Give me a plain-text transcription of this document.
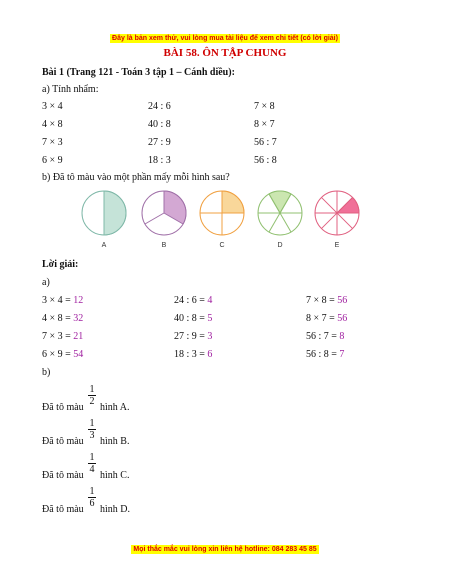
Đây là bản xem thử, vui lòng mua tài liệu để xem chi tiết (có lời giải)
BÀI 58. ÔN TẬP CHUNG
Bài 1 (Trang 121 - Toán 3 tập 1 – Cánh diều):
a) Tính nhẩm:
3 × 4	24 : 6	7 × 8
4 × 8	40 : 8	8 × 7
7 × 3	27 : 9	56 : 7
6 × 9	18 : 3	56 : 8
b) Đã tô màu vào một phần mấy mỗi hình sau?
A	B	C	D	E
Lời giải:
a)
3 × 4 = 12	24 : 6 = 4	7 × 8 = 56
4 × 8 = 32	40 : 8 = 5	8 × 7 = 56
7 × 3 = 21	27 : 9 = 3	56 : 7 = 8
6 × 9 = 54	18 : 3 = 6	56 : 8 = 7
b)
Đã tô màu
1
2
hình A.
Đã tô màu
1
3
hình B.
Đã tô màu
1
4
hình C.
Đã tô màu
1
6
hình D.
Mọi thắc mắc vui lòng xin liên hệ hotline: 084 283 45 85
